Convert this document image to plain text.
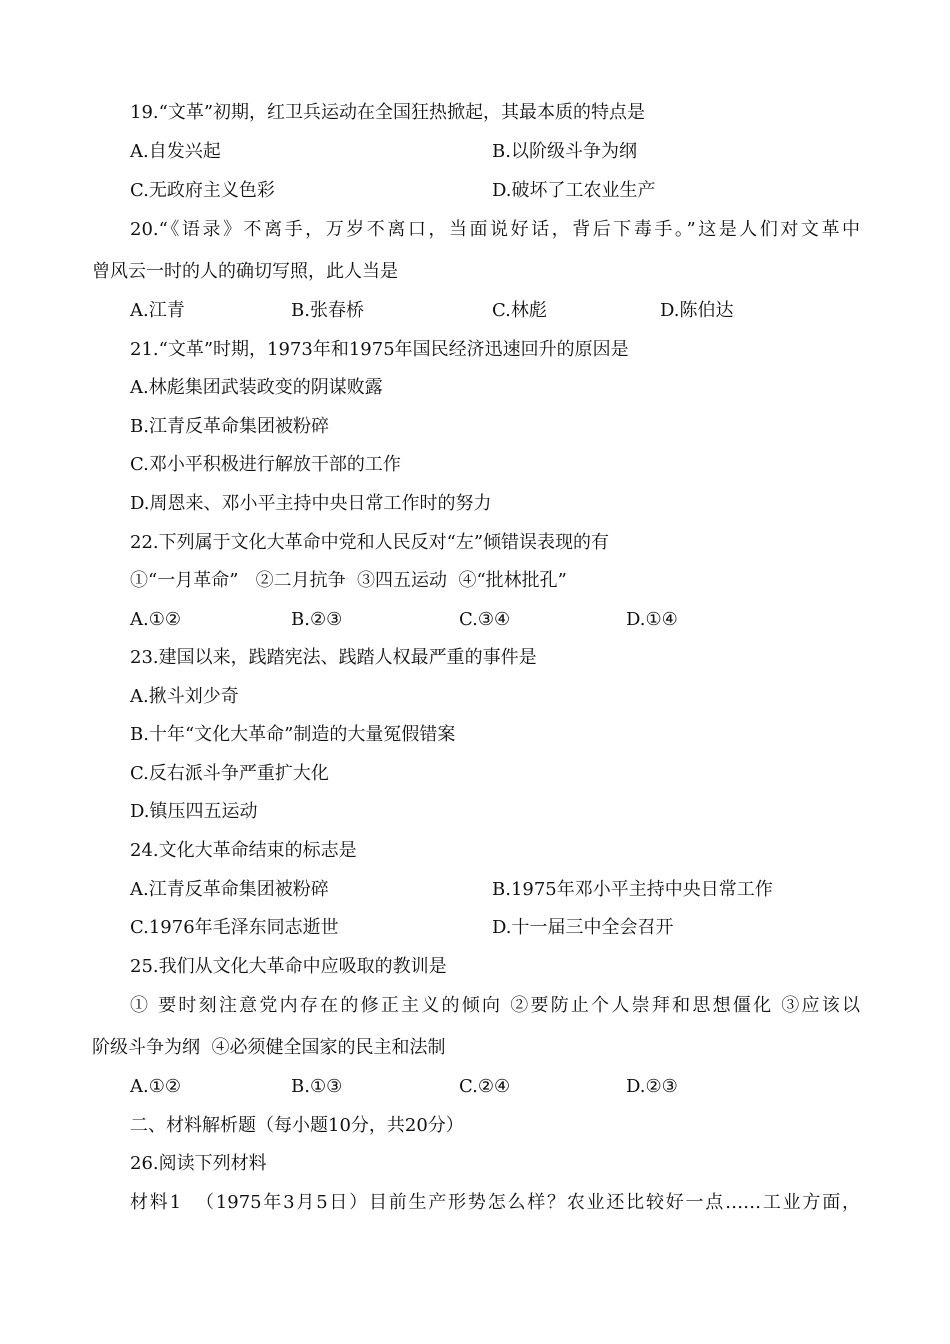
19.“文革”初期，红卫兵运动在全国狂热掀起，其最本质的特点是
A.自发兴起	B.以阶级斗争为纲
C.无政府主义色彩	D.破坏了工农业生产
20.“《语录》不离手，万岁不离口，当面说好话，背后下毒手。”这是人们对文革中
曾风云一时的人的确切写照，此人当是
A.江青	B.张春桥	C.林彪	D.陈伯达
21.“文革”时期，1973年和1975年国民经济迅速回升的原因是
A.林彪集团武装政变的阴谋败露
B.江青反革命集团被粉碎
C.邓小平积极进行解放干部的工作
D.周恩来、邓小平主持中央日常工作时的努力
22.下列属于文化大革命中党和人民反对“左”倾错误表现的有
①“一月革命”   ②二月抗争  ③四五运动  ④“批林批孔”
A.①②	B.②③	C.③④	D.①④
23.建国以来，践踏宪法、践踏人权最严重的事件是
A.揪斗刘少奇
B.十年“文化大革命”制造的大量冤假错案
C.反右派斗争严重扩大化
D.镇压四五运动
24.文化大革命结束的标志是
A.江青反革命集团被粉碎	B.1975年邓小平主持中央日常工作
C.1976年毛泽东同志逝世	D.十一届三中全会召开
25.我们从文化大革命中应吸取的教训是
① 要时刻注意党内存在的修正主义的倾向 ②要防止个人崇拜和思想僵化 ③应该以
阶级斗争为纲  ④必须健全国家的民主和法制
A.①②	B.①③	C.②④	D.②③
二、材料解析题（每小题10分，共20分）
26.阅读下列材料
材料1  （1975年3月5日）目前生产形势怎么样？农业还比较好一点……工业方面，
